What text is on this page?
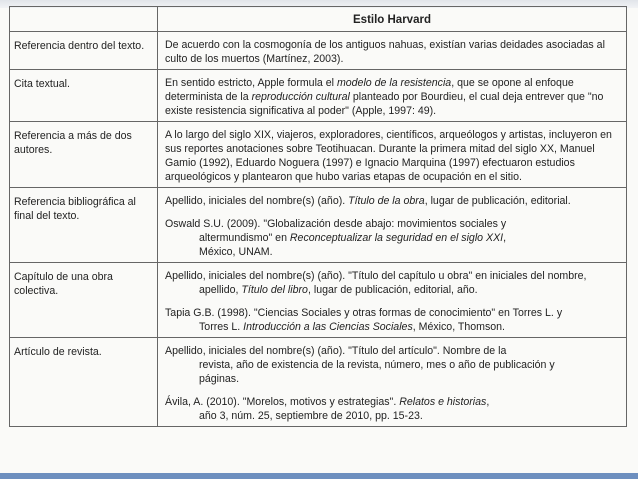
	Estilo Harvard
Referencia dentro del texto.	De acuerdo con la cosmogonía de los antiguos nahuas, existían varias deidades asociadas al culto de los muertos (Martínez, 2003).
Cita textual.	En sentido estricto, Apple formula el modelo de la resistencia, que se opone al enfoque determinista de la reproducción cultural planteado por Bourdieu, el cual deja entrever que "no existe resistencia significativa al poder" (Apple, 1997: 49).
Referencia a más de dos autores.	A lo largo del siglo XIX, viajeros, exploradores, científicos, arqueólogos y artistas, incluyeron en sus reportes anotaciones sobre Teotihuacan. Durante la primera mitad del siglo XX, Manuel Gamio (1992), Eduardo Noguera (1997) e Ignacio Marquina (1997) efectuaron estudios arqueológicos y plantearon que hubo varias etapas de ocupación en el sitio.
Referencia bibliográfica al final del texto.	Apellido, iniciales del nombre(s) (año). Título de la obra, lugar de publicación, editorial.
Oswald S.U. (2009). "Globalización desde abajo: movimientos sociales y
altermundismo" en Reconceptualizar la seguridad en el siglo XXI,
México, UNAM.

Capítulo de una obra colectiva.	Apellido, iniciales del nombre(s) (año). "Título del capítulo u obra" en iniciales del nombre,
apellido, Título del libro, lugar de publicación, editorial, año.
Tapia G.B. (1998). "Ciencias Sociales y otras formas de conocimiento" en Torres L. y
Torres L. Introducción a las Ciencias Sociales, México, Thomson.

Artículo de revista.	Apellido, iniciales del nombre(s) (año). "Título del artículo". Nombre de la
revista, año de existencia de la revista, número, mes o año de publicación y
páginas.
Ávila, A. (2010). "Morelos, motivos y estrategias". Relatos e historias,
año 3, núm. 25, septiembre de 2010, pp. 15-23.
